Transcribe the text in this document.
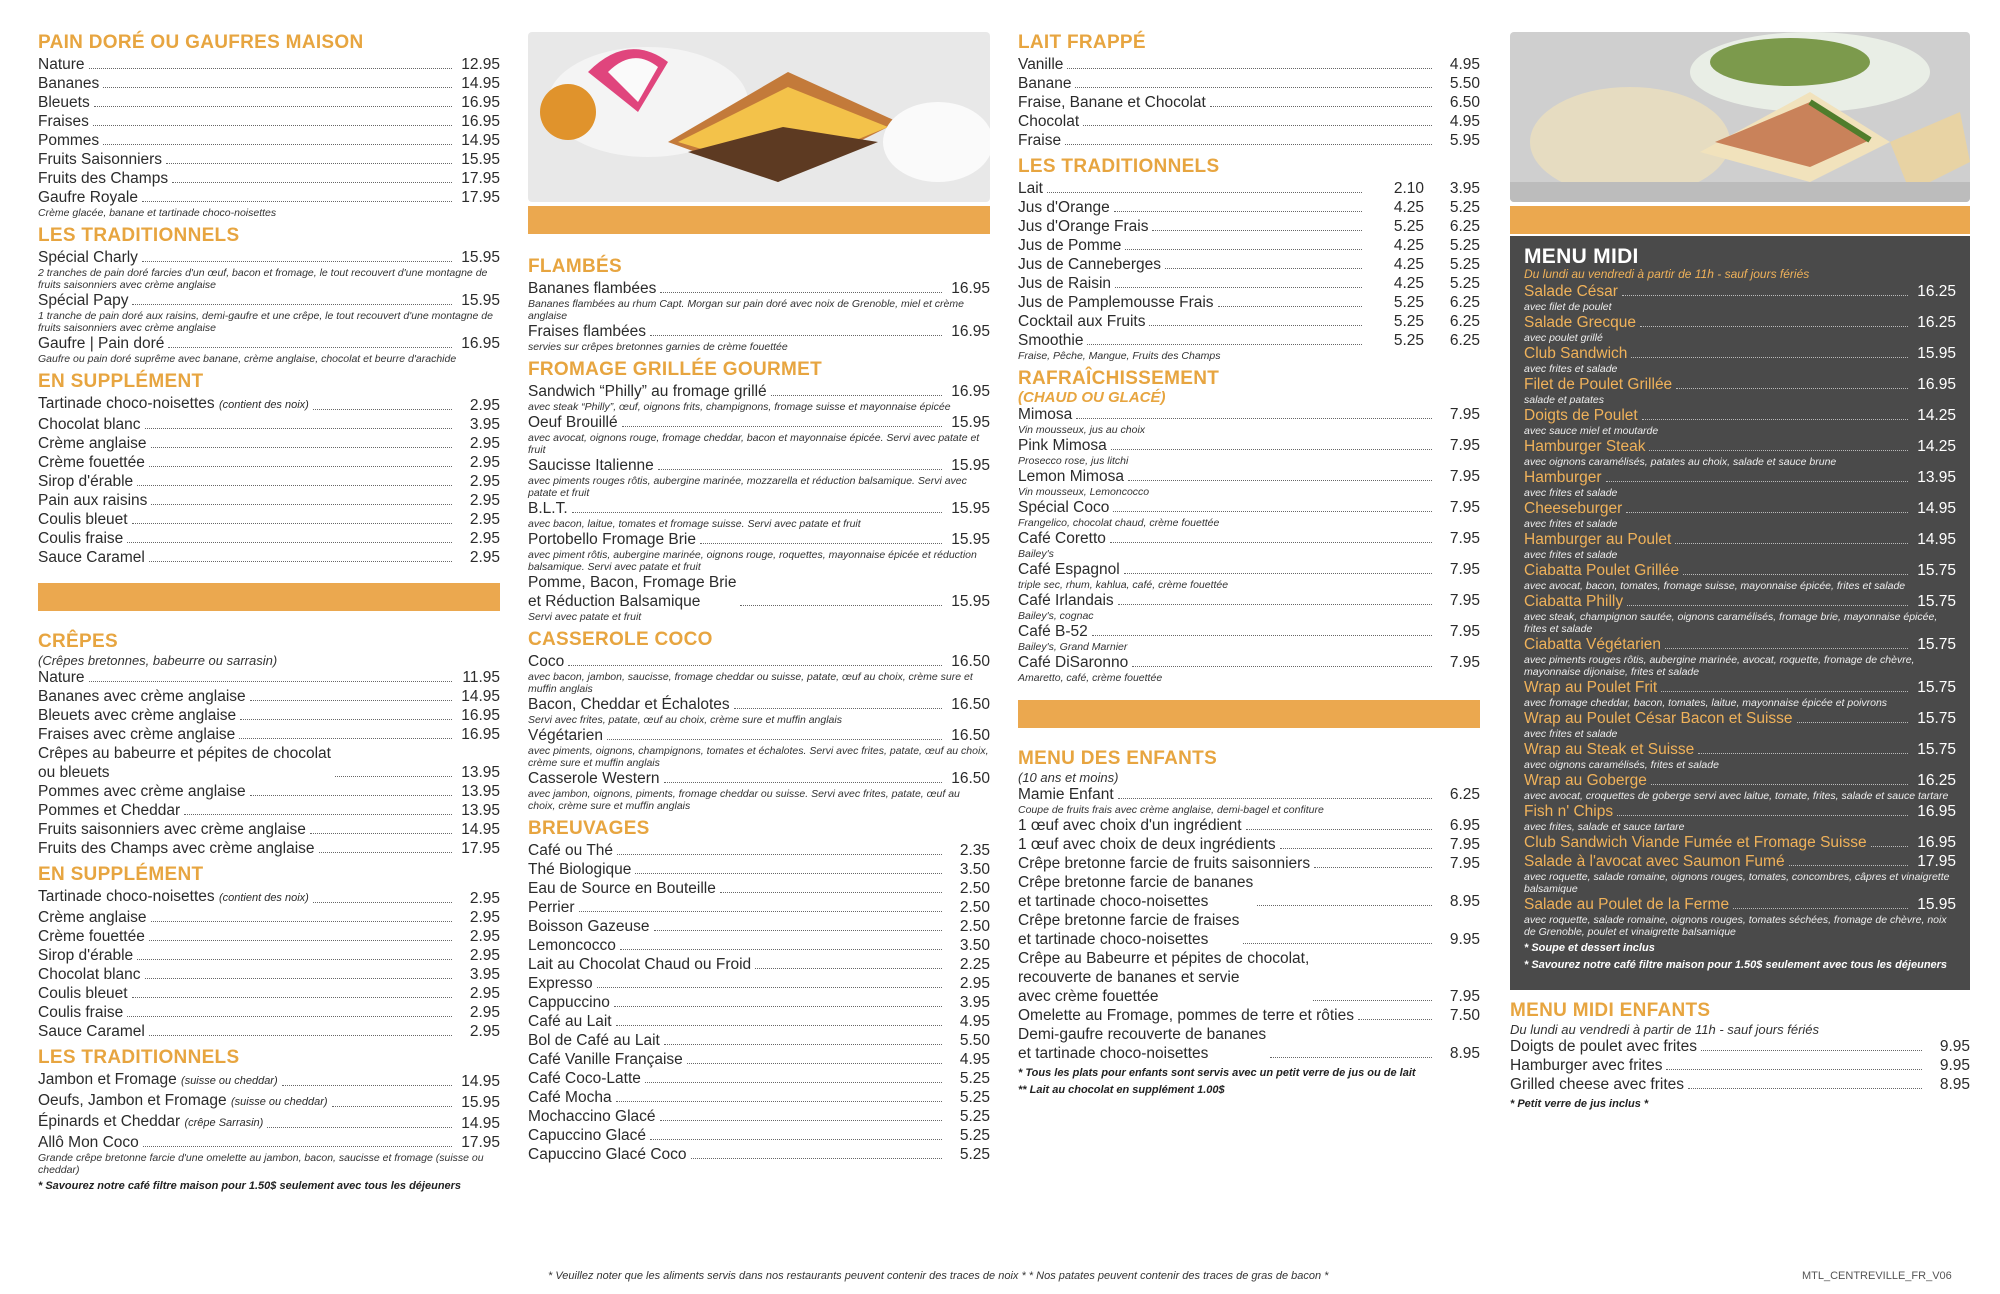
PAIN DORÉ OU GAUFRES MAISON
Nature	12.95
Bananes	14.95
Bleuets	16.95
Fraises	16.95
Pommes	14.95
Fruits Saisonniers	15.95
Fruits des Champs	17.95
Gaufre Royale	17.95
Crème glacée, banane et tartinade choco-noisettes
LES TRADITIONNELS
Spécial Charly	15.95
2 tranches de pain doré farcies d'un œuf, bacon et fromage, le tout recouvert d'une montagne de fruits saisonniers avec crème anglaise
Spécial Papy	15.95
1 tranche de pain doré aux raisins, demi-gaufre et une crêpe, le tout recouvert d'une montagne de fruits saisonniers avec crème anglaise
Gaufre | Pain doré	16.95
Gaufre ou pain doré suprême avec banane, crème anglaise, chocolat et beurre d'arachide
EN SUPPLÉMENT
Tartinade choco-noisettes (contient des noix)	2.95
Chocolat blanc	3.95
Crème anglaise	2.95
Crème fouettée	2.95
Sirop d'érable	2.95
Pain aux raisins	2.95
Coulis bleuet	2.95
Coulis fraise	2.95
Sauce Caramel	2.95
CRÊPES
(Crêpes bretonnes, babeurre ou sarrasin)
Nature	11.95
Bananes avec crème anglaise	14.95
Bleuets avec crème anglaise	16.95
Fraises avec crème anglaise	16.95
Crêpes au babeurre et pépites de chocolat
ou bleuets	13.95
Pommes avec crème anglaise	13.95
Pommes et Cheddar	13.95
Fruits saisonniers avec crème anglaise	14.95
Fruits des Champs avec crème anglaise	17.95
EN SUPPLÉMENT
Tartinade choco-noisettes (contient des noix)	2.95
Crème anglaise	2.95
Crème fouettée	2.95
Sirop d'érable	2.95
Chocolat blanc	3.95
Coulis bleuet	2.95
Coulis fraise	2.95
Sauce Caramel	2.95
LES TRADITIONNELS
Jambon et Fromage (suisse ou cheddar)	14.95
Oeufs, Jambon et Fromage (suisse ou cheddar)	15.95
Épinards et Cheddar (crêpe Sarrasin)	14.95
Allô Mon Coco	17.95
Grande crêpe bretonne farcie d'une omelette au jambon, bacon, saucisse et fromage (suisse ou cheddar)
* Savourez notre café filtre maison pour 1.50$ seulement avec tous les déjeuners
FLAMBÉS
Bananes flambées	16.95
Bananes flambées au rhum Capt. Morgan sur pain doré avec noix de Grenoble, miel et crème anglaise
Fraises flambées	16.95
servies sur crêpes bretonnes garnies de crème fouettée
FROMAGE GRILLÉE GOURMET
Sandwich “Philly” au fromage grillé	16.95
avec steak “Philly”, œuf, oignons frits, champignons, fromage suisse et mayonnaise épicée
Oeuf Brouillé	15.95
avec avocat, oignons rouge, fromage cheddar, bacon et mayonnaise épicée. Servi avec patate et fruit
Saucisse Italienne	15.95
avec piments rouges rôtis, aubergine marinée, mozzarella et réduction balsamique. Servi avec patate et fruit
B.L.T.	15.95
avec bacon, laitue, tomates et fromage suisse. Servi avec patate et fruit
Portobello Fromage Brie	15.95
avec piment rôtis, aubergine marinée, oignons rouge, roquettes, mayonnaise épicée et réduction balsamique. Servi avec patate et fruit
Pomme, Bacon, Fromage Brie
et Réduction Balsamique	15.95
Servi avec patate et fruit
CASSEROLE COCO
Coco	16.50
avec bacon, jambon, saucisse, fromage cheddar ou suisse, patate, œuf au choix, crème sure et muffin anglais
Bacon, Cheddar et Échalotes	16.50
Servi avec frites, patate, œuf au choix, crème sure et muffin anglais
Végétarien	16.50
avec piments, oignons, champignons, tomates et échalotes. Servi avec frites, patate, œuf au choix, crème sure et muffin anglais
Casserole Western	16.50
avec jambon, oignons, piments, fromage cheddar ou suisse. Servi avec frites, patate, œuf au choix, crème sure et muffin anglais
BREUVAGES
Café ou Thé	2.35
Thé Biologique	3.50
Eau de Source en Bouteille	2.50
Perrier	2.50
Boisson Gazeuse	2.50
Lemoncocco	3.50
Lait au Chocolat Chaud ou Froid	2.25
Expresso	2.95
Cappuccino	3.95
Café au Lait	4.95
Bol de Café au Lait	5.50
Café Vanille Française	4.95
Café Coco-Latte	5.25
Café Mocha	5.25
Mochaccino Glacé	5.25
Capuccino Glacé	5.25
Capuccino Glacé Coco	5.25
LAIT FRAPPÉ
Vanille	4.95
Banane	5.50
Fraise, Banane et Chocolat	6.50
Chocolat	4.95
Fraise	5.95
LES TRADITIONNELS
Lait	2.10	3.95
Jus d'Orange	4.25	5.25
Jus d'Orange Frais	5.25	6.25
Jus de Pomme	4.25	5.25
Jus de Canneberges	4.25	5.25
Jus de Raisin	4.25	5.25
Jus de Pamplemousse Frais	5.25	6.25
Cocktail aux Fruits	5.25	6.25
Smoothie	5.25	6.25
Fraise, Pêche, Mangue, Fruits des Champs
RAFRAÎCHISSEMENT
(CHAUD OU GLACÉ)
Mimosa	7.95
Vin mousseux, jus au choix
Pink Mimosa	7.95
Prosecco rose, jus litchi
Lemon Mimosa	7.95
Vin mousseux, Lemoncocco
Spécial Coco	7.95
Frangelico, chocolat chaud, crème fouettée
Café Coretto	7.95
Bailey's
Café Espagnol	7.95
triple sec, rhum, kahlua, café, crème fouettée
Café Irlandais	7.95
Bailey's, cognac
Café B-52	7.95
Bailey's, Grand Marnier
Café DiSaronno	7.95
Amaretto, café, crème fouettée
MENU DES ENFANTS
(10 ans et moins)
Mamie Enfant	6.25
Coupe de fruits frais avec crème anglaise, demi-bagel et confiture
1 œuf avec choix d'un ingrédient	6.95
1 œuf avec choix de deux ingrédients	7.95
Crêpe bretonne farcie de fruits saisonniers	7.95
Crêpe bretonne farcie de bananes
et tartinade choco-noisettes	8.95
Crêpe bretonne farcie de fraises
et tartinade choco-noisettes	9.95
Crêpe au Babeurre et pépites de chocolat,
recouverte de bananes et servie
avec crème fouettée	7.95
Omelette au Fromage, pommes de terre et rôties	7.50
Demi-gaufre recouverte de bananes
et tartinade choco-noisettes	8.95
* Tous les plats pour enfants sont servis avec un petit verre de jus ou de lait
** Lait au chocolat en supplément 1.00$
MENU MIDI
Du lundi au vendredi à partir de 11h - sauf jours fériés
Salade César	16.25
avec filet de poulet
Salade Grecque	16.25
avec poulet grillé
Club Sandwich	15.95
avec frites et salade
Filet de Poulet Grillée	16.95
salade et patates
Doigts de Poulet	14.25
avec sauce miel et moutarde
Hamburger Steak	14.25
avec oignons caramélisés, patates au choix, salade et sauce brune
Hamburger	13.95
avec frites et salade
Cheeseburger	14.95
avec frites et salade
Hamburger au Poulet	14.95
avec frites et salade
Ciabatta Poulet Grillée	15.75
avec avocat, bacon, tomates, fromage suisse, mayonnaise épicée, frites et salade
Ciabatta Philly	15.75
avec steak, champignon sautée, oignons caramélisés, fromage brie, mayonnaise épicée, frites et salade
Ciabatta Végétarien	15.75
avec piments rouges rôtis, aubergine marinée, avocat, roquette, fromage de chèvre, mayonnaise dijonaise, frites et salade
Wrap au Poulet Frit	15.75
avec fromage cheddar, bacon, tomates, laitue, mayonnaise épicée et poivrons
Wrap au Poulet César Bacon et Suisse	15.75
avec frites et salade
Wrap au Steak et Suisse	15.75
avec oignons caramélisés, frites et salade
Wrap au Goberge	16.25
avec avocat, croquettes de goberge servi avec laitue, tomate, frites, salade et sauce tartare
Fish n' Chips	16.95
avec frites, salade et sauce tartare
Club Sandwich Viande Fumée et Fromage Suisse	16.95
Salade à l'avocat avec Saumon Fumé	17.95
avec roquette, salade romaine, oignons rouges, tomates, concombres, câpres et vinaigrette balsamique
Salade au Poulet de la Ferme	15.95
avec roquette, salade romaine, oignons rouges, tomates séchées, fromage de chèvre, noix de Grenoble, poulet et vinaigrette balsamique
* Soupe et dessert inclus
* Savourez notre café filtre maison pour 1.50$ seulement avec tous les déjeuners
MENU MIDI ENFANTS
Du lundi au vendredi à partir de 11h - sauf jours fériés
Doigts de poulet avec frites	9.95
Hamburger avec frites	9.95
Grilled cheese avec frites	8.95
* Petit verre de jus inclus *
* Veuillez noter que les aliments servis dans nos restaurants peuvent contenir des traces de noix * * Nos patates peuvent contenir des traces de gras de bacon *	MTL_CENTREVILLE_FR_V06
